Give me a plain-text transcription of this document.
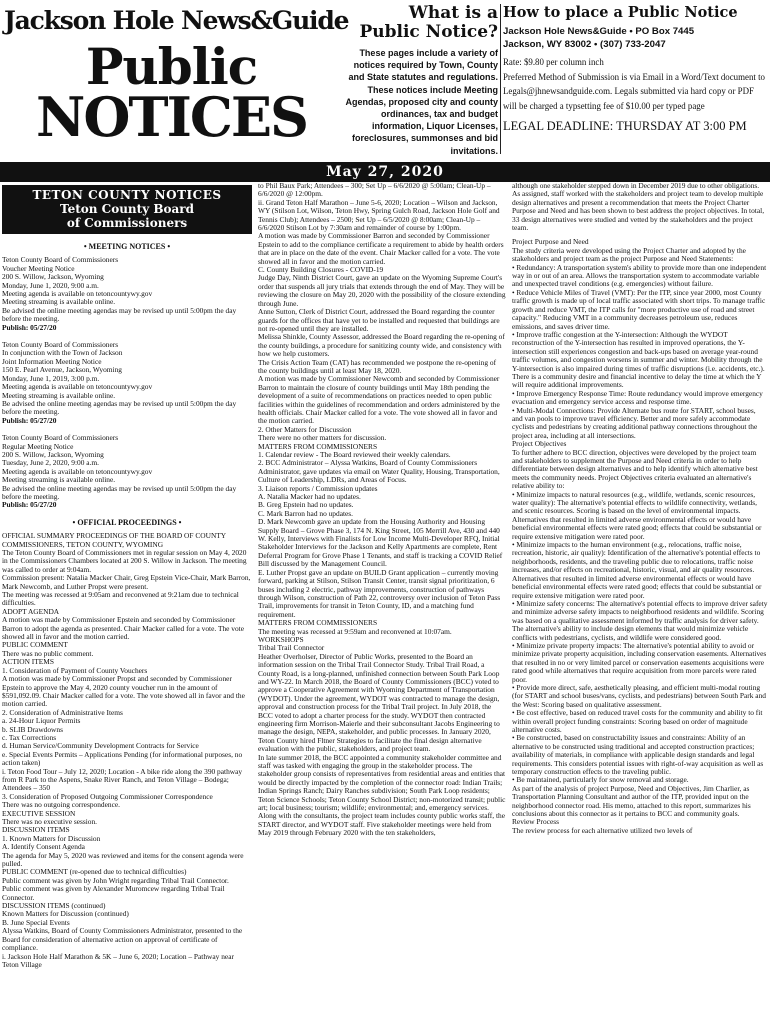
Jackson Hole News&Guide
Public
NOTICES
What is a Public Notice?
These pages include a variety of notices required by Town, County and State statutes and regulations. These notices include Meeting Agendas, proposed city and county ordinances, tax and budget information, Liquor Licenses, foreclosures, summonses and bid invitations.
How to place a Public Notice
Jackson Hole News&Guide • PO Box 7445
Jackson, WY 83002 • (307) 733-2047
Rate: $9.80 per column inch
Preferred Method of Submission is via Email in a Word/Text document to Legals@jhnewsandguide.com. Legals submitted via hard copy or PDF will be charged a typsetting fee of $10.00 per typed page
LEGAL DEADLINE: THURSDAY AT 3:00 PM
May 27, 2020
TETON COUNTY NOTICES
Teton County Board
of Commissioners
• MEETING NOTICES •

Teton County Board of Commissioners

Voucher Meeting Notice

200 S. Willow, Jackson, Wyoming

Monday, June 1, 2020, 9:00 a.m.

Meeting agenda is available on tetoncountywy.gov

Meeting streaming is available online.

Be advised the online meeting agendas may be revised up until 5:00pm the day before the meeting.

Publish: 05/27/20

Teton County Board of Commissioners

In conjunction with the Town of Jackson

Joint Information Meeting Notice

150 E. Pearl Avenue, Jackson, Wyoming

Monday, June 1, 2019, 3:00 p.m.

Meeting agenda is available on tetoncountywy.gov

Meeting streaming is available online.

Be advised the online meeting agendas may be revised up until 5:00pm the day before the meeting.

Publish: 05/27/20

Teton County Board of Commissioners

Regular Meeting Notice

200 S. Willow, Jackson, Wyoming

Tuesday, June 2, 2020, 9:00 a.m.

Meeting agenda is available on tetoncountywy.gov

Meeting streaming is available online.

Be advised the online meeting agendas may be revised up until 5:00pm the day before the meeting.

Publish: 05/27/20

• OFFICIAL PROCEEDINGS •

OFFICIAL SUMMARY PROCEEDINGS OF THE BOARD OF COUNTY COMMISSIONERS, TETON COUNTY, WYOMING

The Teton County Board of Commissioners met in regular session on May 4, 2020 in the Commissioners Chambers located at 200 S. Willow in Jackson. The meeting was called to order at 9:04am.

Commission present: Natalia Macker Chair, Greg Epstein Vice-Chair, Mark Barron, Mark Newcomb, and Luther Propst were present.

The meeting was recessed at 9:05am and reconvened at 9:21am due to technical difficulties.

ADOPT AGENDA

A motion was made by Commissioner Epstein and seconded by Commissioner Barron to adopt the agenda as presented. Chair Macker called for a vote. The vote showed all in favor and the motion carried.

PUBLIC COMMENT

There was no public comment.

ACTION ITEMS

1. Consideration of Payment of County Vouchers

A motion was made by Commissioner Propst and seconded by Commissioner Epstein to approve the May 4, 2020 county voucher run in the amount of $591,092.09. Chair Macker called for a vote. The vote showed all in favor and the motion carried.

2. Consideration of Administrative Items

a. 24-Hour Liquor Permits

b. SLIB Drawdowns

c. Tax Corrections

d. Human Service/Community Development Contracts for Service

e. Special Events Permits – Applications Pending (for informational purposes, no action taken)

i. Teton Food Tour – July 12, 2020; Location - A bike ride along the 390 pathway from R Park to the Aspens, Snake River Ranch, and Teton Village – Bodega; Attendees – 350

3. Consideration of Proposed Outgoing Commissioner Correspondence

There was no outgoing correspondence.

EXECUTIVE SESSION

There was no executive session.

DISCUSSION ITEMS

1. Known Matters for Discussion

A. Identify Consent Agenda

The agenda for May 5, 2020 was reviewed and items for the consent agenda were pulled.

PUBLIC COMMENT (re-opened due to technical difficulties)

Public comment was given by John Wright regarding Tribal Trail Connector.

Public comment was given by Alexander Muromcew regarding Tribal Trail Connector.

DISCUSSION ITEMS (continued)

Known Matters for Discussion (continued)

B. June Special Events

Alyssa Watkins, Board of County Commissioners Administrator, presented to the Board for consideration of alternative action on approval of certificate of compliance.

i. Jackson Hole Half Marathon & 5K – June 6, 2020; Location – Pathway near Teton Village

to Phil Baux Park; Attendees – 300; Set Up – 6/6/2020 @ 5:00am; Clean-Up – 6/6/2020 @ 12:00pm.

ii. Grand Teton Half Marathon – June 5-6, 2020; Location – Wilson and Jackson, WY (Stilson Lot, Wilson, Teton Hwy, Spring Gulch Road, Jackson Hole Golf and Tennis Club); Attendees – 2500; Set Up – 6/5/2020 @ 8:00am; Clean-Up – 6/6/2020 Stilson Lot by 7:30am and remainder of course by 1:00pm.

A motion was made by Commissioner Barron and seconded by Commissioner Epstein to add to the compliance certificate a requirement to abide by health orders that are in place on the date of the event. Chair Macker called for a vote. The vote showed all in favor and the motion carried.

C. County Building Closures - COVID-19

Judge Day, Ninth District Court, gave an update on the Wyoming Supreme Court's order that suspends all jury trials that extends through the end of May. They will be reviewing the closure on May 20, 2020 with the possibility of the closure extending through June.

Anne Sutton, Clerk of District Court, addressed the Board regarding the counter guards for the offices that have yet to be installed and requested that buildings are not re-opened until they are installed.

Melissa Shinkle, County Assessor, addressed the Board regarding the re-opening of the county buildings, a procedure for sanitizing county wide, and consistency with how we help customers.

The Crisis Action Team (CAT) has recommended we postpone the re-opening of the county buildings until at least May 18, 2020.

A motion was made by Commissioner Newcomb and seconded by Commissioner Barron to maintain the closure of county buildings until May 18th pending the development of a suite of recommendations on practices needed to open public facilities within the guidelines of recommendation and orders administered by the health officials. Chair Macker called for a vote. The vote showed all in favor and the motion carried.

2. Other Matters for Discussion

There were no other matters for discussion.

MATTERS FROM COMMISSIONERS

1. Calendar review - The Board reviewed their weekly calendars.

2. BCC Administrator – Alyssa Watkins, Board of County Commissioners Administrator, gave updates via email on Water Quality, Housing, Transportation, Culture of Leadership, LDRs, and Areas of Focus.

3. Liaison reports / Commission updates

A. Natalia Macker had no updates.

B. Greg Epstein had no updates.

C. Mark Barron had no updates.

D. Mark Newcomb gave an update from the Housing Authority and Housing Supply Board – Grove Phase 3, 174 N. King Street, 105 Merrill Ave, 430 and 440 W. Kelly, Interviews with Finalists for Low Income Multi-Developer RFQ, Initial Stakeholder Interviews for the Jackson and Kelly Apartments are complete, Rent Deferral Program for Grove Phase 1 Tenants, and staff is tracking a COVID Relief Bill discussed by the Management Council.

E. Luther Propst gave an update on BUILD Grant application – currently moving forward, parking at Stilson, Stilson Transit Center, transit signal prioritization, 6 buses including 2 electric, pathway improvements, construction of pathways through Wilson, construction of Path 22, controversy over inclusion of Teton Pass Trail, improvements for transit in Teton County, ID, and a matching fund requirement.

MATTERS FROM COMMISSIONERS

The meeting was recessed at 9:59am and reconvened at 10:07am.

WORKSHOPS

Tribal Trail Connector

Heather Overholser, Director of Public Works, presented to the Board an information session on the Tribal Trail Connector Study. Tribal Trail Road, a County Road, is a long-planned, unfinished connection between South Park Loop and WY-22. In March 2018, the Board of County Commissioners (BCC) voted to approve a Cooperative Agreement with Wyoming Department of Transportation (WYDOT). Under the agreement, WYDOT was contracted to manage the design, approval and construction process for the Tribal Trail project. In July 2018, the BCC voted to adopt a charter process for the study. WYDOT then contracted engineering firm Morrison-Maierle and their subconsultant Jacobs Engineering to manage the design, NEPA, stakeholder, and public processes. In January 2020, Teton County hired Fltner Strategies to facilitate the final design alternative evaluation with the public, stakeholders, and project team.

In late summer 2018, the BCC appointed a community stakeholder committee and staff was tasked with engaging the group in the stakeholder process. The stakeholder group consists of representatives from residential areas and entities that would be directly impacted by the completion of the connector road: Indian Trails; Indian Springs Ranch; Dairy Ranches subdivision; South Park Loop residents; Teton Science Schools; Teton County School District; non-motorized transit; public art; local business; tourism; wildlife; environmental; and, emergency services. Along with the consultants, the project team includes county public works staff, the START director, and WYDOT staff. Five stakeholder meetings were held from May 2019 through February 2020 with the ten stakeholders,

although one stakeholder stepped down in December 2019 due to other obligations. As assigned, staff worked with the stakeholders and project team to develop multiple design alternatives and present a recommendation that meets the Project Charter Purpose and Need and has been shown to best address the project objectives. In total, 33 design alternatives were studied and vetted by the stakeholders and the project team.

Project Purpose and Need

The study criteria were developed using the Project Charter and adopted by the stakeholders and project team as the project Purpose and Need Statements:

• Redundancy: A transportation system's ability to provide more than one independent way in or out of an area. Allows the transportation system to accommodate variable and unexpected travel conditions (e.g. emergencies) without failure.

• Reduce Vehicle Miles of Travel (VMT): Per the ITP, since year 2000, most County traffic growth is made up of local traffic associated with short trips. To manage traffic growth and reduce VMT, the ITP calls for "more productive use of road and street capacity." Reducing VMT in a community decreases petroleum use, reduces emissions, and saves driver time.

• Improve traffic congestion at the Y-intersection: Although the WYDOT reconstruction of the Y-intersection has resulted in improved operations, the Y-intersection still experiences congestion and back-ups based on average year-round traffic volumes, and congestion worsens in summer and winter. Mobility through the Y-intersection is also impaired during times of traffic disruptions (i.e. accidents, etc.). There is a community desire and financial incentive to delay the time at which the Y will require additional improvements.

• Improve Emergency Response Time: Route redundancy would improve emergency evacuation and emergency service access and response time.

• Multi-Modal Connections: Provide Alternate bus route for START, school buses, and van pools to improve travel efficiency. Better and more safely accommodate cyclists and pedestrians by creating additional pathway connections throughout the project area, including at all intersections.

Project Objectives

To further adhere to BCC direction, objectives were developed by the project team and stakeholders to supplement the Purpose and Need criteria in order to help differentiate between design alternatives and to help identify which alternative best meets the community needs. Project Objectives criteria evaluated an alternative's relative ability to:

• Minimize impacts to natural resources (e.g., wildlife, wetlands, scenic resources, water quality): The alternative's potential effects to wildlife connectivity, wetlands, and scenic resources. Scoring is based on the level of environmental impacts. Alternatives that resulted in limited adverse environmental effects or would have beneficial environmental effects were rated good; effects that could be substantial or require extensive mitigation were rated poor.

• Minimize impacts to the human environment (e.g., relocations, traffic noise, recreation, historic, air quality): Identification of the alternative's potential effects to neighborhoods, residents, and the traveling public due to relocations, traffic noise increases, and/or effects on recreational, historic, visual, and air quality resources. Alternatives that resulted in limited adverse environmental effects or would have beneficial environmental effects were rated good; effects that could be substantial or require extensive mitigation were rated poor.

• Minimize safety concerns: The alternative's potential effects to improve driver safety and minimize adverse safety impacts to neighborhood residents and wildlife. Scoring was based on a qualitative assessment informed by traffic analysis for driver safety. The alternative's ability to include design elements that would minimize vehicle conflicts with pedestrians, cyclists, and wildlife were considered good.

• Minimize private property impacts: The alternative's potential ability to avoid or minimize private property acquisition, including conservation easements. Alternatives that resulted in no or very limited parcel or conservation easements acquisitions were rated good while alternatives that require acquisition from more parcels were rated poor.

• Provide more direct, safe, aesthetically pleasing, and efficient multi-modal routing (for START and school buses/vans, cyclists, and pedestrians) between South Park and the West: Scoring based on qualitative assessment.

• Be cost effective, based on reduced travel costs for the community and ability to fit within overall project funding constraints: Scoring based on order of magnitude alternative costs.

• Be constructed, based on constructability issues and constraints: Ability of an alternative to be constructed using traditional and accepted construction practices; availability of materials, in compliance with applicable design standards and legal requirements. This considers potential issues with right-of-way acquisition as well as temporary construction effects to the traveling public.

• Be maintained, particularly for snow removal and storage.

As part of the analysis of project Purpose, Need and Objectives, Jim Charlier, as Transportation Planning Consultant and author of the ITP, provided input on the neighborhood connector road. His memo, attached to this report, summarizes his conclusions about this connector as it pertains to BCC and community goals.

Review Process

The review process for each alternative utilized two levels of
